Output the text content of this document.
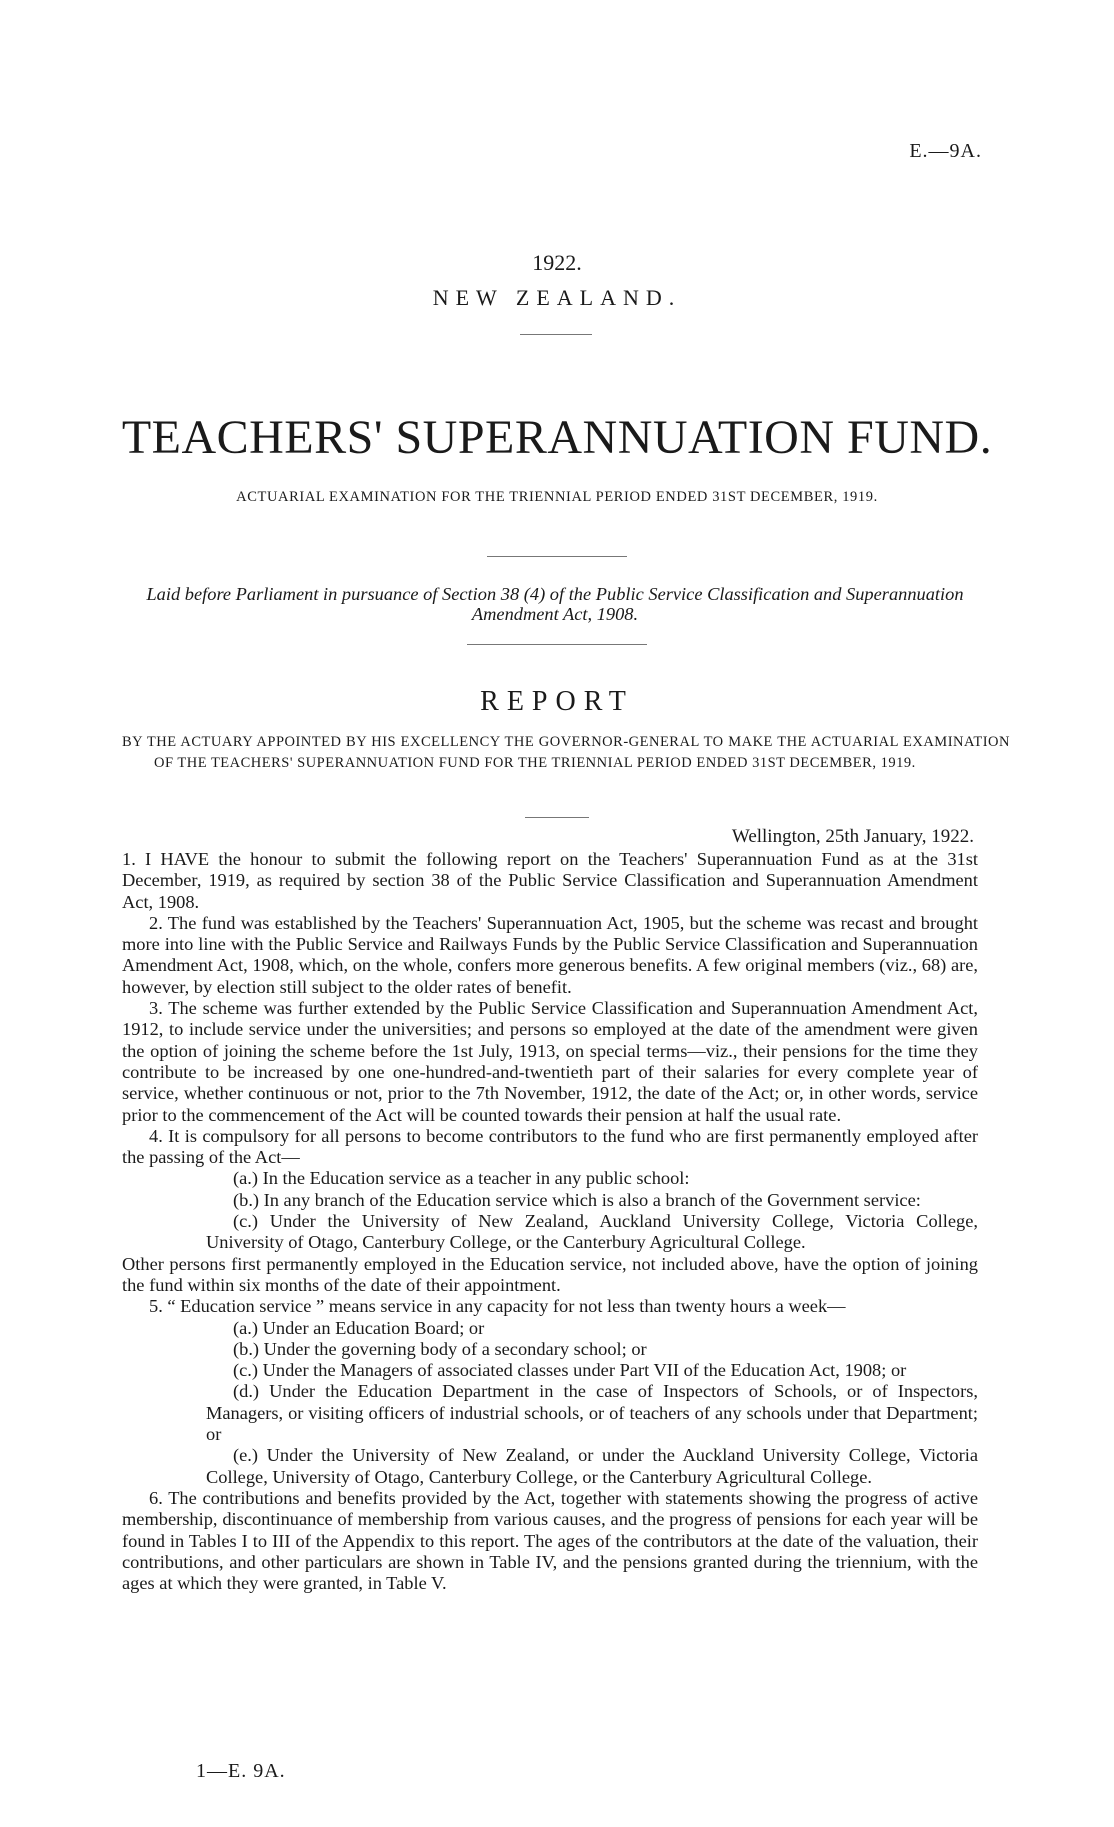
E.—9A.
1922.
NEW ZEALAND.
TEACHERS' SUPERANNUATION FUND.
ACTUARIAL EXAMINATION FOR THE TRIENNIAL PERIOD ENDED 31ST DECEMBER, 1919.
Laid before Parliament in pursuance of Section 38 (4) of the Public Service Classification and Superannuation Amendment Act, 1908.
REPORT
BY THE ACTUARY APPOINTED BY HIS EXCELLENCY THE GOVERNOR-GENERAL TO MAKE THE ACTUARIAL EXAMINATION OF THE TEACHERS' SUPERANNUATION FUND FOR THE TRIENNIAL PERIOD ENDED 31ST DECEMBER, 1919.
Wellington, 25th January, 1922.

1. I HAVE the honour to submit the following report on the Teachers' Superannuation Fund as at the 31st December, 1919, as required by section 38 of the Public Service Classification and Superannuation Amendment Act, 1908.

2. The fund was established by the Teachers' Superannuation Act, 1905, but the scheme was recast and brought more into line with the Public Service and Railways Funds by the Public Service Classification and Superannuation Amendment Act, 1908, which, on the whole, confers more generous benefits. A few original members (viz., 68) are, however, by election still subject to the older rates of benefit.

3. The scheme was further extended by the Public Service Classification and Superannuation Amendment Act, 1912, to include service under the universities; and persons so employed at the date of the amendment were given the option of joining the scheme before the 1st July, 1913, on special terms—viz., their pensions for the time they contribute to be increased by one one-hundred-and-twentieth part of their salaries for every complete year of service, whether continuous or not, prior to the 7th November, 1912, the date of the Act; or, in other words, service prior to the commencement of the Act will be counted towards their pension at half the usual rate.

4. It is compulsory for all persons to become contributors to the fund who are first permanently employed after the passing of the Act—

(a.) In the Education service as a teacher in any public school:

(b.) In any branch of the Education service which is also a branch of the Government service:

(c.) Under the University of New Zealand, Auckland University College, Victoria College, University of Otago, Canterbury College, or the Canterbury Agricultural College.

Other persons first permanently employed in the Education service, not included above, have the option of joining the fund within six months of the date of their appointment.

5. “ Education service ” means service in any capacity for not less than twenty hours a week—

(a.) Under an Education Board; or

(b.) Under the governing body of a secondary school; or

(c.) Under the Managers of associated classes under Part VII of the Education Act, 1908; or

(d.) Under the Education Department in the case of Inspectors of Schools, or of Inspectors, Managers, or visiting officers of industrial schools, or of teachers of any schools under that Department; or

(e.) Under the University of New Zealand, or under the Auckland University College, Victoria College, University of Otago, Canterbury College, or the Canterbury Agricultural College.

6. The contributions and benefits provided by the Act, together with statements showing the progress of active membership, discontinuance of membership from various causes, and the progress of pensions for each year will be found in Tables I to III of the Appendix to this report. The ages of the contributors at the date of the valuation, their contributions, and other particulars are shown in Table IV, and the pensions granted during the triennium, with the ages at which they were granted, in Table V.

1—E. 9A.
